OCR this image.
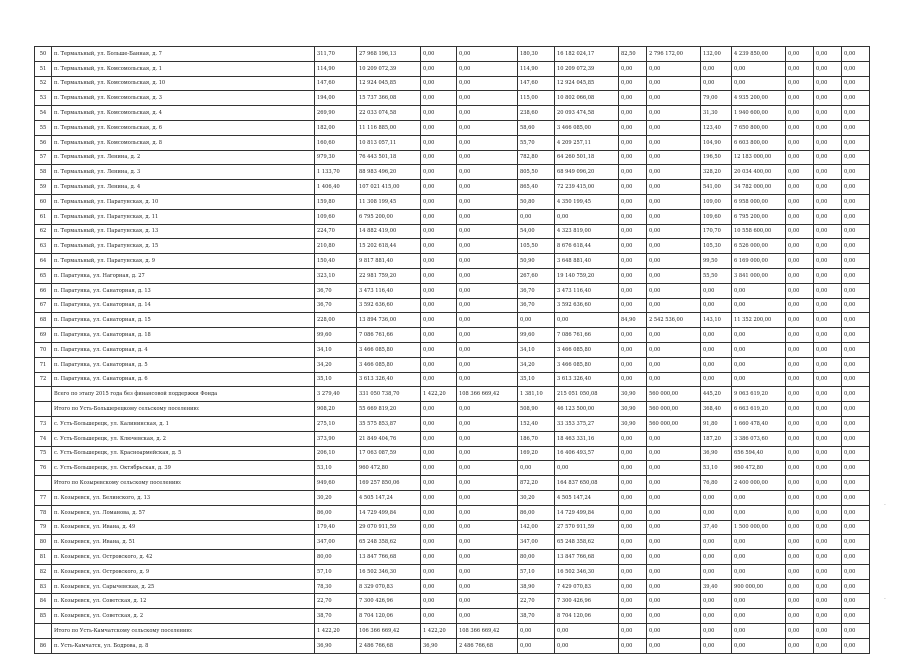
50	п. Термальный, ул. Больше-Банная, д. 7	311,70	27 968 196,13	0,00	0,00	180,30	16 182 024,17	82,50	2 796 172,00	132,00	4 239 850,00	0,00	0,00	0,00
51	п. Термальный, ул. Комсомольская, д. 1	114,90	10 209 072,39	0,00	0,00	114,90	10 209 072,39	0,00	0,00	0,00	0,00	0,00	0,00	0,00
52	п. Термальный, ул. Комсомольская, д. 10	147,60	12 924 045,85	0,00	0,00	147,60	12 924 045,85	0,00	0,00	0,00	0,00	0,00	0,00	0,00
53	п. Термальный, ул. Комсомольская, д. 3	194,00	15 737 366,08	0,00	0,00	115,00	10 802 066,08	0,00	0,00	79,00	4 935 200,00	0,00	0,00	0,00
54	п. Термальный, ул. Комсомольская, д. 4	269,90	22 033 074,58	0,00	0,00	238,60	20 093 474,58	0,00	0,00	31,30	1 940 600,00	0,00	0,00	0,00
55	п. Термальный, ул. Комсомольская, д. 6	182,00	11 116 885,00	0,00	0,00	58,60	3 466 085,00	0,00	0,00	123,40	7 650 800,00	0,00	0,00	0,00
56	п. Термальный, ул. Комсомольская, д. 8	160,60	10 813 057,11	0,00	0,00	55,70	4 209 257,11	0,00	0,00	104,90	6 603 800,00	0,00	0,00	0,00
57	п. Термальный, ул. Ленина, д. 2	979,30	76 443 501,18	0,00	0,00	782,80	64 260 501,18	0,00	0,00	196,50	12 183 000,00	0,00	0,00	0,00
58	п. Термальный, ул. Ленина, д. 3	1 133,70	88 983 496,20	0,00	0,00	805,50	68 949 096,20	0,00	0,00	328,20	20 034 400,00	0,00	0,00	0,00
59	п. Термальный, ул. Ленина, д. 4	1 406,40	107 021 415,00	0,00	0,00	865,40	72 239 415,00	0,00	0,00	541,00	34 782 000,00	0,00	0,00	0,00
60	п. Термальный, ул. Паратунская, д. 10	159,80	11 308 199,45	0,00	0,00	50,80	4 350 199,45	0,00	0,00	109,00	6 958 000,00	0,00	0,00	0,00
61	п. Термальный, ул. Паратунская, д. 11	109,60	6 795 200,00	0,00	0,00	0,00	0,00	0,00	0,00	109,60	6 795 200,00	0,00	0,00	0,00
62	п. Термальный, ул. Паратунская, д. 13	224,70	14 882 419,00	0,00	0,00	54,00	4 323 819,00	0,00	0,00	170,70	10 558 600,00	0,00	0,00	0,00
63	п. Термальный, ул. Паратунская, д. 15	210,80	15 202 618,44	0,00	0,00	105,50	8 676 618,44	0,00	0,00	105,30	6 526 000,00	0,00	0,00	0,00
64	п. Термальный, ул. Паратунская, д. 9	150,40	9 817 881,40	0,00	0,00	50,90	3 648 881,40	0,00	0,00	99,50	6 169 000,00	0,00	0,00	0,00
65	п. Паратунка, ул. Нагорная, д. 27	323,10	22 981 759,20	0,00	0,00	267,60	19 140 759,20	0,00	0,00	55,50	3 841 000,00	0,00	0,00	0,00
66	п. Паратунка, ул. Санаторная, д. 13	36,70	3 473 116,40	0,00	0,00	36,70	3 473 116,40	0,00	0,00	0,00	0,00	0,00	0,00	0,00
67	п. Паратунка, ул. Санаторная, д. 14	36,70	3 592 636,60	0,00	0,00	36,70	3 592 636,60	0,00	0,00	0,00	0,00	0,00	0,00	0,00
68	п. Паратунка, ул. Санаторная, д. 15	228,00	13 894 736,00	0,00	0,00	0,00	0,00	84,90	2 542 536,00	143,10	11 352 200,00	0,00	0,00	0,00
69	п. Паратунка, ул. Санаторная, д. 18	99,60	7 086 761,66	0,00	0,00	99,60	7 086 761,66	0,00	0,00	0,00	0,00	0,00	0,00	0,00
70	п. Паратунка, ул. Санаторная, д. 4	34,10	3 466 085,80	0,00	0,00	34,10	3 466 085,80	0,00	0,00	0,00	0,00	0,00	0,00	0,00
71	п. Паратунка, ул. Санаторная, д. 5	34,20	3 466 085,80	0,00	0,00	34,20	3 466 085,80	0,00	0,00	0,00	0,00	0,00	0,00	0,00
72	п. Паратунка, ул. Санаторная, д. 6	35,10	3 613 326,40	0,00	0,00	35,10	3 613 326,40	0,00	0,00	0,00	0,00	0,00	0,00	0,00
	Всего по этапу 2015 года без финансовой поддержки Фонда	3 279,40	331 050 738,70	1 422,20	108 366 669,42	1 381,10	215 051 050,08	30,90	560 000,00	445,20	9 063 619,20	0,00	0,00	0,00
	Итого по Усть-Большерецкому сельскому поселению:	908,20	55 669 819,20	0,00	0,00	508,90	46 123 500,00	30,90	560 000,00	368,40	6 663 619,20	0,00	0,00	0,00
73	с. Усть-Большерецк, ул. Калининская, д. 1	275,10	35 575 853,87	0,00	0,00	152,40	33 353 375,27	30,90	560 000,00	91,80	1 660 478,40	0,00	0,00	0,00
74	с. Усть-Большерецк, ул. Ключевская, д. 2	373,90	21 849 404,76	0,00	0,00	186,70	18 463 331,16	0,00	0,00	187,20	3 386 073,60	0,00	0,00	0,00
75	с. Усть-Большерецк, ул. Красноармейская, д. 5	206,10	17 063 087,59	0,00	0,00	169,20	16 406 493,57	0,00	0,00	36,90	656 594,40	0,00	0,00	0,00
76	с. Усть-Большерецк, ул. Октябрьская, д. 39	53,10	960 472,80	0,00	0,00	0,00	0,00	0,00	0,00	53,10	960 472,80	0,00	0,00	0,00
	Итого по Козыревскому сельскому поселению:	949,60	169 257 850,06	0,00	0,00	872,20	164 837 650,08	0,00	0,00	76,80	2 400 000,00	0,00	0,00	0,00
77	п. Козыревск, ул. Белинского, д. 13	30,20	4 505 147,24	0,00	0,00	30,20	4 505 147,24	0,00	0,00	0,00	0,00	0,00	0,00	0,00
78	п. Козыревск, ул. Ломанова, д. 57	86,00	14 729 499,84	0,00	0,00	86,00	14 729 499,84	0,00	0,00	0,00	0,00	0,00	0,00	0,00
79	п. Козыревск, ул. Ивана, д. 49	179,40	29 070 911,59	0,00	0,00	142,00	27 570 911,59	0,00	0,00	37,40	1 500 000,00	0,00	0,00	0,00
80	п. Козыревск, ул. Ивана, д. 51	347,00	65 248 358,62	0,00	0,00	347,00	65 248 358,62	0,00	0,00	0,00	0,00	0,00	0,00	0,00
81	п. Козыревск, ул. Островского, д. 42	80,00	13 847 766,68	0,00	0,00	80,00	13 847 766,68	0,00	0,00	0,00	0,00	0,00	0,00	0,00
82	п. Козыревск, ул. Островского, д. 9	57,10	16 502 346,30	0,00	0,00	57,10	16 502 346,30	0,00	0,00	0,00	0,00	0,00	0,00	0,00
83	п. Козыревск, ул. Сарычевская, д. 25	78,30	8 329 070,83	0,00	0,00	38,90	7 429 070,83	0,00	0,00	39,40	900 000,00	0,00	0,00	0,00
84	п. Козыревск, ул. Советская, д. 12	22,70	7 300 426,96	0,00	0,00	22,70	7 300 426,96	0,00	0,00	0,00	0,00	0,00	0,00	0,00
85	п. Козыревск, ул. Советская, д. 2	38,70	8 704 120,06	0,00	0,00	38,70	8 704 120,06	0,00	0,00	0,00	0,00	0,00	0,00	0,00
	Итого по Усть-Камчатскому сельскому поселению:	1 422,20	106 366 669,42	1 422,20	108 366 669,42	0,00	0,00	0,00	0,00	0,00	0,00	0,00	0,00	0,00
86	п. Усть-Камчатск, ул. Бодрова, д. 8	36,90	2 486 766,68	36,90	2 486 766,68	0,00	0,00	0,00	0,00	0,00	0,00	0,00	0,00	0,00
·
·
